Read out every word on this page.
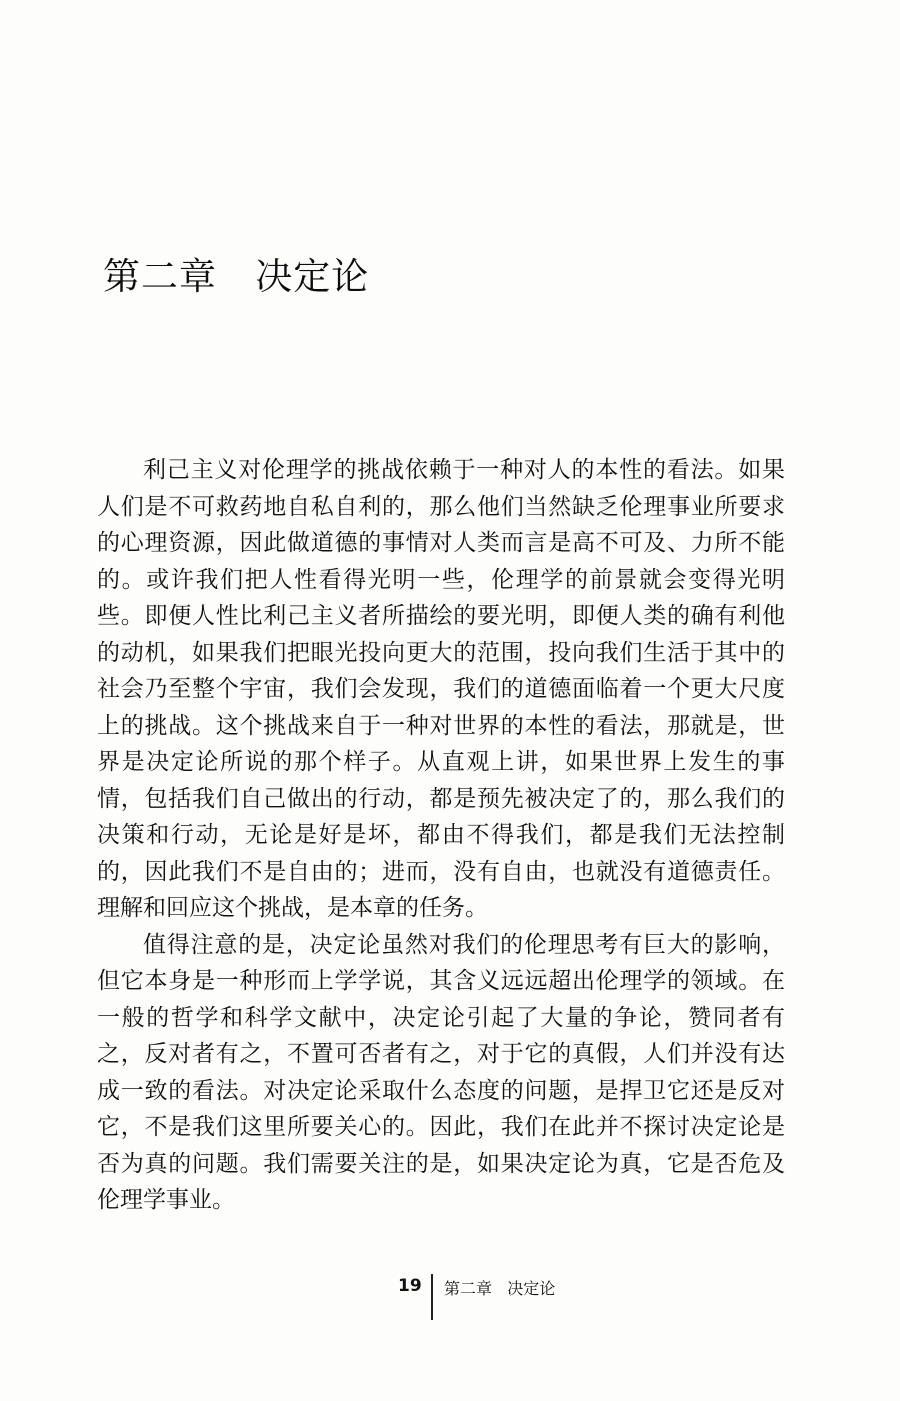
第二章   决定论

利己主义对伦理学的挑战依赖于一种对人的本性的看法。如果人们是不可救药地自私自利的，那么他们当然缺乏伦理事业所要求的心理资源，因此做道德的事情对人类而言是高不可及、力所不能的。或许我们把人性看得光明一些，伦理学的前景就会变得光明些。即便人性比利己主义者所描绘的要光明，即便人类的确有利他的动机，如果我们把眼光投向更大的范围，投向我们生活于其中的社会乃至整个宇宙，我们会发现，我们的道德面临着一个更大尺度上的挑战。这个挑战来自于一种对世界的本性的看法，那就是，世界是决定论所说的那个样子。从直观上讲，如果世界上发生的事情，包括我们自己做出的行动，都是预先被决定了的，那么我们的决策和行动，无论是好是坏，都由不得我们，都是我们无法控制的，因此我们不是自由的；进而，没有自由，也就没有道德责任。理解和回应这个挑战，是本章的任务。

值得注意的是，决定论虽然对我们的伦理思考有巨大的影响，但它本身是一种形而上学学说，其含义远远超出伦理学的领域。在一般的哲学和科学文献中，决定论引起了大量的争论，赞同者有之，反对者有之，不置可否者有之，对于它的真假，人们并没有达成一致的看法。对决定论采取什么态度的问题，是捍卫它还是反对它，不是我们这里所要关心的。因此，我们在此并不探讨决定论是否为真的问题。我们需要关注的是，如果决定论为真，它是否危及伦理学事业。

19 第二章   决定论
